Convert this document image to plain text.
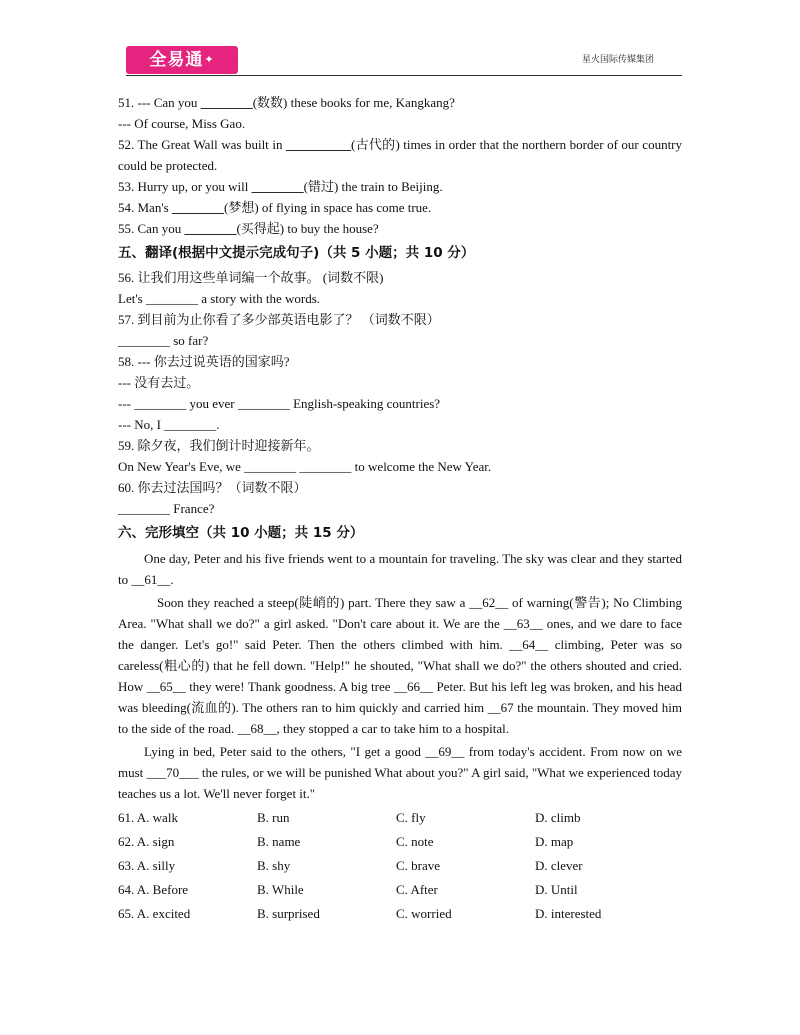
全易通✦	星火国际传媒集团

51. --- Can you ________(数数) these books for me, Kangkang?

--- Of course, Miss Gao.

52. The Great Wall was built in __________(古代的) times in order that the northern border of our country could be protected.

53. Hurry up, or you will ________(错过) the train to Beijing.

54. Man's ________(梦想) of flying in space has come true.

55. Can you ________(买得起) to buy the house?

五、翻译(根据中文提示完成句子)（共 5 小题；共 10 分）

56. 让我们用这些单词编一个故事。 (词数不限)

Let's ________ a story with the words.

57. 到目前为止你看了多少部英语电影了？ （词数不限）

________ so far?

58. --- 你去过说英语的国家吗?

--- 没有去过。

--- ________ you ever ________ English-speaking countries?

--- No, I ________.

59. 除夕夜，我们倒计时迎接新年。

On New Year's Eve, we ________ ________ to welcome the New Year.

60. 你去过法国吗？（词数不限）

________ France?

六、完形填空（共 10 小题；共 15 分）

One day, Peter and his five friends went to a mountain for traveling. The sky was clear and they started to __61__.

Soon they reached a steep(陡峭的) part. There they saw a __62__ of warning(警告); No Climbing Area. "What shall we do?" a girl asked. "Don't care about it. We are the __63__ ones, and we dare to face the danger. Let's go!" said Peter. Then the others climbed with him. __64__ climbing, Peter was so careless(粗心的) that he fell down. "Help!" he shouted, "What shall we do?" the others shouted and cried. How __65__ they were! Thank goodness. A big tree __66__ Peter. But his left leg was broken, and his head was bleeding(流血的). The others ran to him quickly and carried him __67 the mountain. They moved him to the side of the road. __68__, they stopped a car to take him to a hospital.

Lying in bed, Peter said to the others, "I get a good __69__ from today's accident. From now on we must ___70___ the rules, or we will be punished What about you?" A girl said, "What we experienced today teaches us a lot. We'll never forget it."

61. A. walk	B. run	C. fly	D. climb
62. A. sign	B. name	C. note	D. map
63. A. silly	B. shy	C. brave	D. clever
64. A. Before	B. While	C. After	D. Until
65. A. excited	B. surprised	C. worried	D. interested
